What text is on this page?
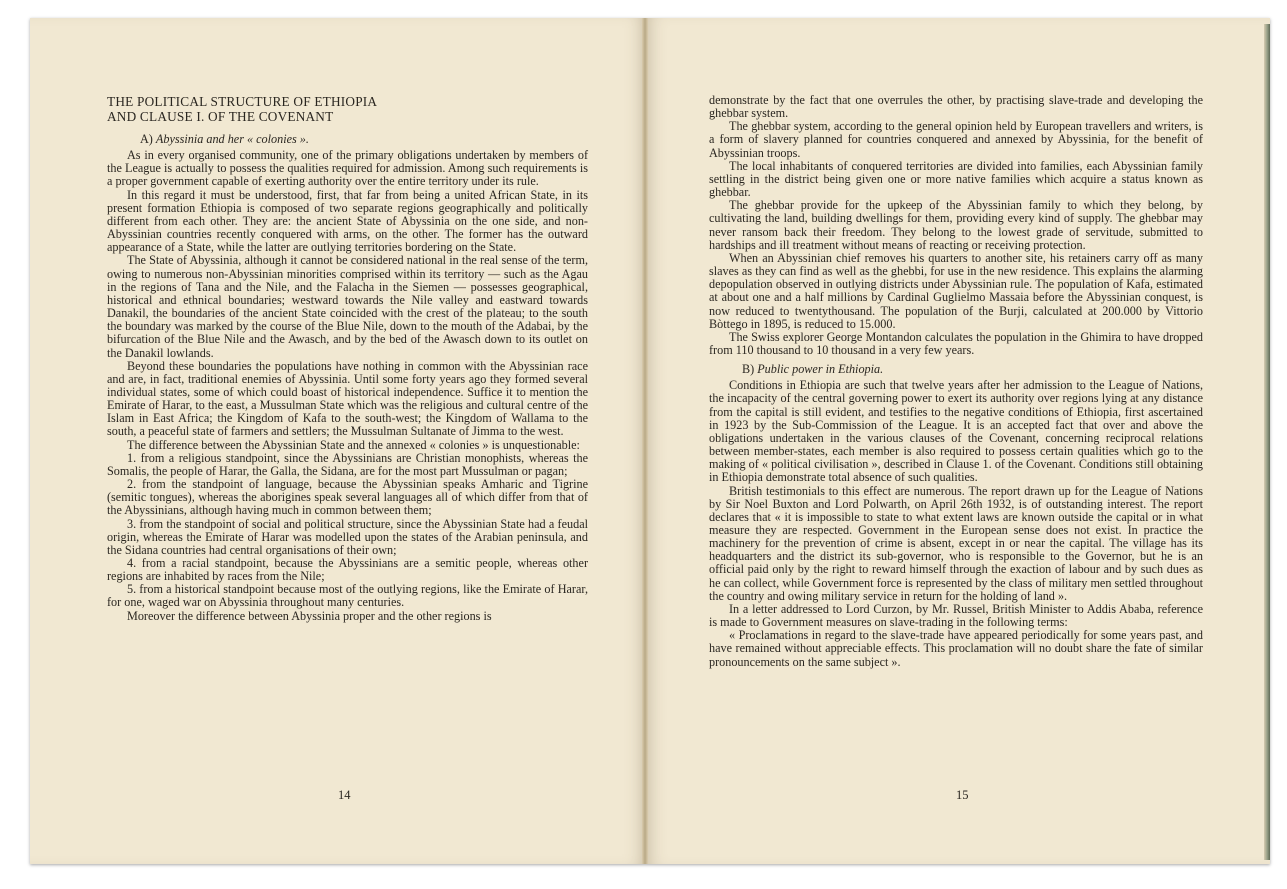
THE POLITICAL STRUCTURE OF ETHIOPIA
AND CLAUSE I. OF THE COVENANT

A) Abyssinia and her « colonies ».

As in every organised community, one of the primary obligations undertaken by members of the League is actually to possess the qualities required for admission. Among such requirements is a proper government capable of exerting authority over the entire territory under its rule.

In this regard it must be understood, first, that far from being a united African State, in its present formation Ethiopia is composed of two separate regions geographically and politically different from each other. They are: the ancient State of Abyssinia on the one side, and non-Abyssinian countries recently conquered with arms, on the other. The former has the outward appearance of a State, while the latter are outlying territories bordering on the State.

The State of Abyssinia, although it cannot be considered national in the real sense of the term, owing to numerous non-Abyssinian minorities comprised within its territory — such as the Agau in the regions of Tana and the Nile, and the Falacha in the Siemen — possesses geographical, historical and ethnical boundaries; westward towards the Nile valley and eastward towards Danakil, the boundaries of the ancient State coincided with the crest of the plateau; to the south the boundary was marked by the course of the Blue Nile, down to the mouth of the Adabai, by the bifurcation of the Blue Nile and the Awasch, and by the bed of the Awasch down to its outlet on the Danakil lowlands.

Beyond these boundaries the populations have nothing in common with the Abyssinian race and are, in fact, traditional enemies of Abyssinia. Until some forty years ago they formed several individual states, some of which could boast of historical independence. Suffice it to mention the Emirate of Harar, to the east, a Mussulman State which was the religious and cultural centre of the Islam in East Africa; the Kingdom of Kafa to the south-west; the Kingdom of Wallama to the south, a peaceful state of farmers and settlers; the Mussulman Sultanate of Jimma to the west.

The difference between the Abyssinian State and the annexed « colonies » is unquestionable:

1. from a religious standpoint, since the Abyssinians are Christian monophists, whereas the Somalis, the people of Harar, the Galla, the Sidana, are for the most part Mussulman or pagan;

2. from the standpoint of language, because the Abyssinian speaks Amharic and Tigrine (semitic tongues), whereas the aborigines speak several languages all of which differ from that of the Abyssinians, although having much in common between them;

3. from the standpoint of social and political structure, since the Abyssinian State had a feudal origin, whereas the Emirate of Harar was modelled upon the states of the Arabian peninsula, and the Sidana countries had central organisations of their own;

4. from a racial standpoint, because the Abyssinians are a semitic people, whereas other regions are inhabited by races from the Nile;

5. from a historical standpoint because most of the outlying regions, like the Emirate of Harar, for one, waged war on Abyssinia throughout many centuries.

Moreover the difference between Abyssinia proper and the other regions is

14

demonstrate by the fact that one overrules the other, by practising slave-trade and developing the ghebbar system.

The ghebbar system, according to the general opinion held by European travellers and writers, is a form of slavery planned for countries conquered and annexed by Abyssinia, for the benefit of Abyssinian troops.

The local inhabitants of conquered territories are divided into families, each Abyssinian family settling in the district being given one or more native families which acquire a status known as ghebbar.

The ghebbar provide for the upkeep of the Abyssinian family to which they belong, by cultivating the land, building dwellings for them, providing every kind of supply. The ghebbar may never ransom back their freedom. They belong to the lowest grade of servitude, submitted to hardships and ill treatment without means of reacting or receiving protection.

When an Abyssinian chief removes his quarters to another site, his retainers carry off as many slaves as they can find as well as the ghebbi, for use in the new residence. This explains the alarming depopulation observed in outlying districts under Abyssinian rule. The population of Kafa, estimated at about one and a half millions by Cardinal Guglielmo Massaia before the Abyssinian conquest, is now reduced to twentythousand. The population of the Burji, calculated at 200.000 by Vittorio Bòttego in 1895, is reduced to 15.000.

The Swiss explorer George Montandon calculates the population in the Ghimira to have dropped from 110 thousand to 10 thousand in a very few years.

B) Public power in Ethiopia.

Conditions in Ethiopia are such that twelve years after her admission to the League of Nations, the incapacity of the central governing power to exert its authority over regions lying at any distance from the capital is still evident, and testifies to the negative conditions of Ethiopia, first ascertained in 1923 by the Sub-Commission of the League. It is an accepted fact that over and above the obligations undertaken in the various clauses of the Covenant, concerning reciprocal relations between member-states, each member is also required to possess certain qualities which go to the making of « political civilisation », described in Clause 1. of the Covenant. Conditions still obtaining in Ethiopia demonstrate total absence of such qualities.

British testimonials to this effect are numerous. The report drawn up for the League of Nations by Sir Noel Buxton and Lord Polwarth, on April 26th 1932, is of outstanding interest. The report declares that « it is impossible to state to what extent laws are known outside the capital or in what measure they are respected. Government in the European sense does not exist. In practice the machinery for the prevention of crime is absent, except in or near the capital. The village has its headquarters and the district its sub-governor, who is responsible to the Governor, but he is an official paid only by the right to reward himself through the exaction of labour and by such dues as he can collect, while Government force is represented by the class of military men settled throughout the country and owing military service in return for the holding of land ».

In a letter addressed to Lord Curzon, by Mr. Russel, British Minister to Addis Ababa, reference is made to Government measures on slave-trading in the following terms:

« Proclamations in regard to the slave-trade have appeared periodically for some years past, and have remained without appreciable effects. This proclamation will no doubt share the fate of similar pronouncements on the same subject ».

15
